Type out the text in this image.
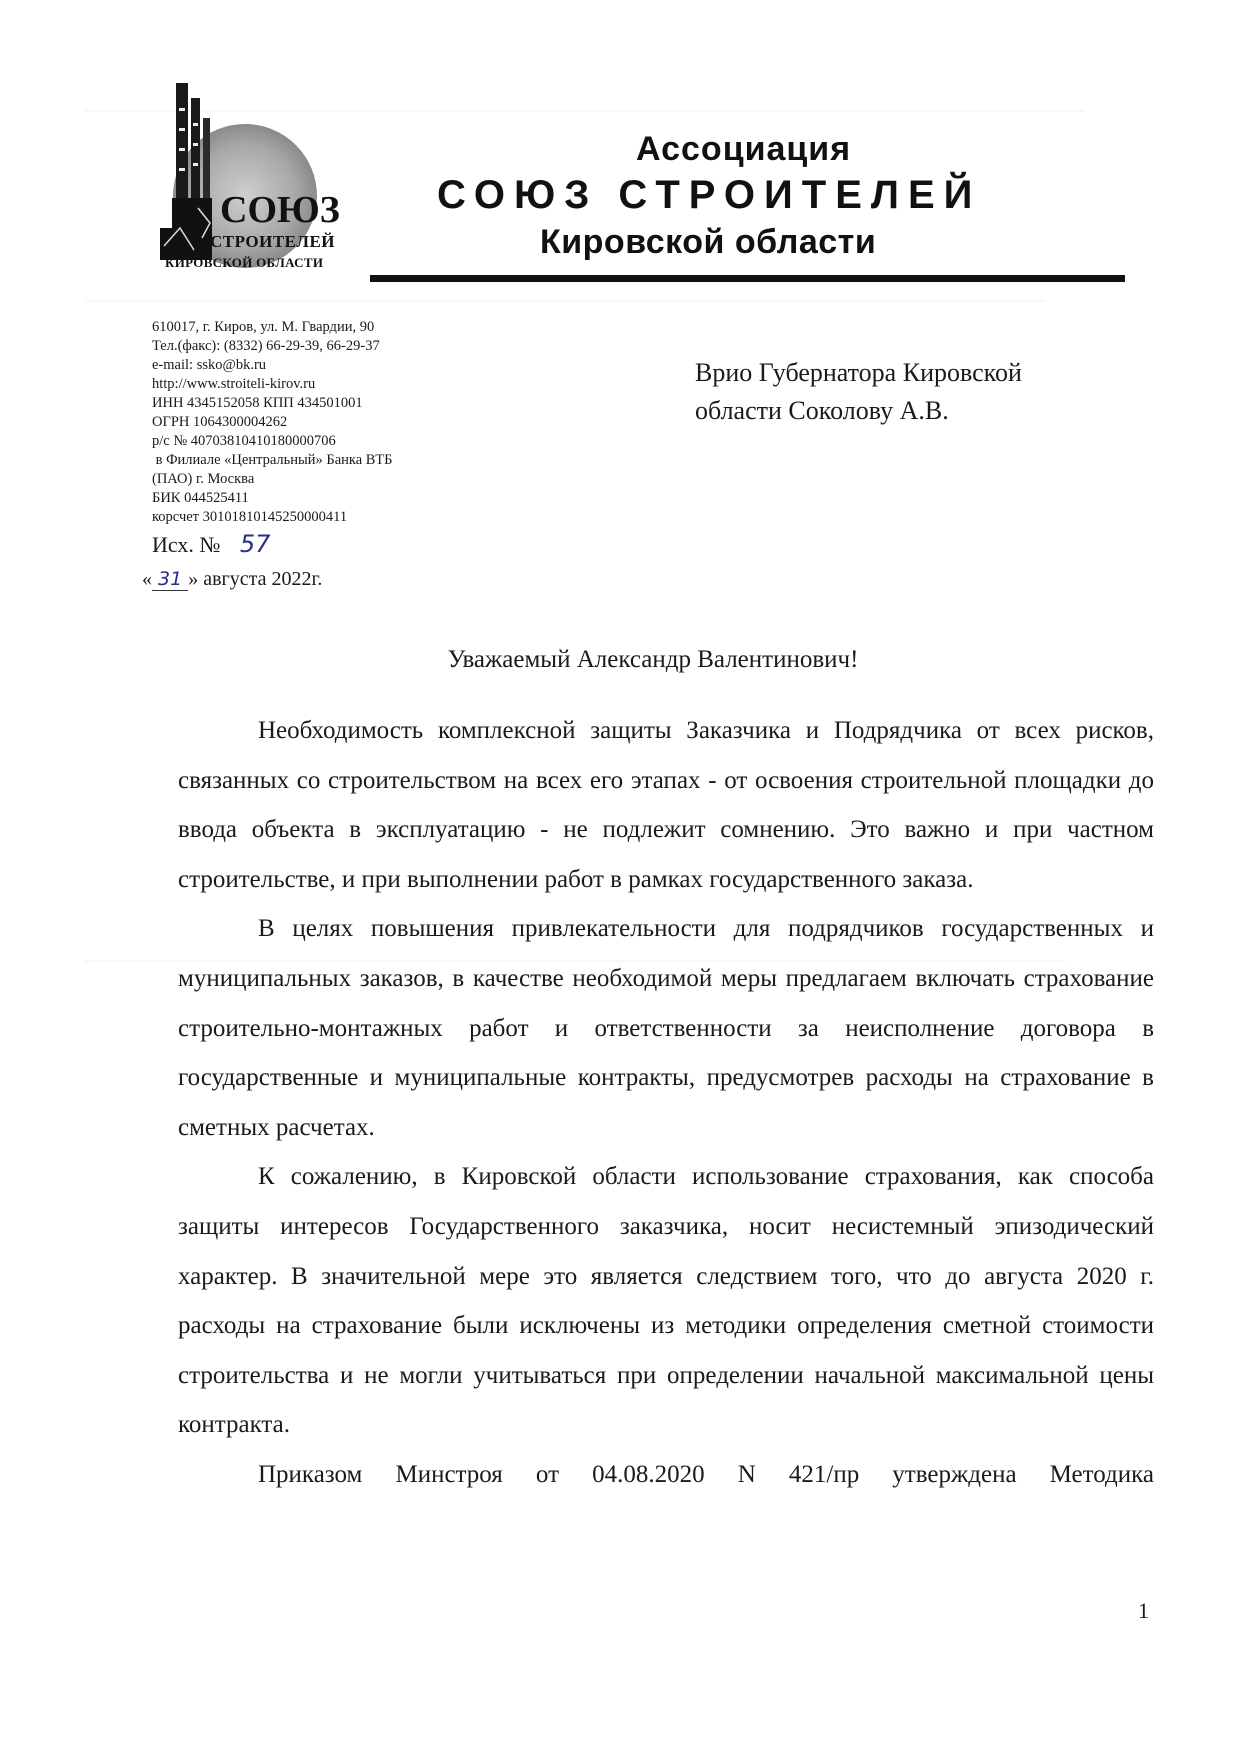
СОЮЗ
СТРОИТЕЛЕЙ
КИРОВСКОЙ ОБЛАСТИ
Ассоциация
СОЮЗ СТРОИТЕЛЕЙ
Кировской области
610017, г. Киров, ул. М. Гвардии, 90
Тел.(факс): (8332) 66-29-39, 66-29-37
e-mail: ssko@bk.ru
http://www.stroiteli-kirov.ru
ИНН 4345152058 КПП 434501001
ОГРН 1064300004262
р/с № 40703810410180000706
в Филиале «Центральный» Банка ВТБ
(ПАО) г. Москва
БИК 044525411
корсчет 30101810145250000411
Исх. № 57
« 31 » августа 2022г.
Врио Губернатора Кировской
области Соколову А.В.
Уважаемый Александр Валентинович!

Необходимость комплексной защиты Заказчика и Подрядчика от всех рисков, связанных со строительством на всех его этапах - от освоения строительной площадки до ввода объекта в эксплуатацию - не подлежит сомнению. Это важно и при частном строительстве, и при выполнении работ в рамках государственного заказа.

В целях повышения привлекательности для подрядчиков государственных и муниципальных заказов, в качестве необходимой меры предлагаем включать страхование строительно-монтажных работ и ответственности за неисполнение договора в государственные и муниципальные контракты, предусмотрев расходы на страхование в сметных расчетах.

К сожалению, в Кировской области использование страхования, как способа защиты интересов Государственного заказчика, носит несистемный эпизодический характер. В значительной мере это является следствием того, что до августа 2020 г. расходы на страхование были исключены из методики определения сметной стоимости строительства и не могли учитываться при определении начальной максимальной цены контракта.

Приказом Минстроя от 04.08.2020 N 421/пр утверждена Методика

1
